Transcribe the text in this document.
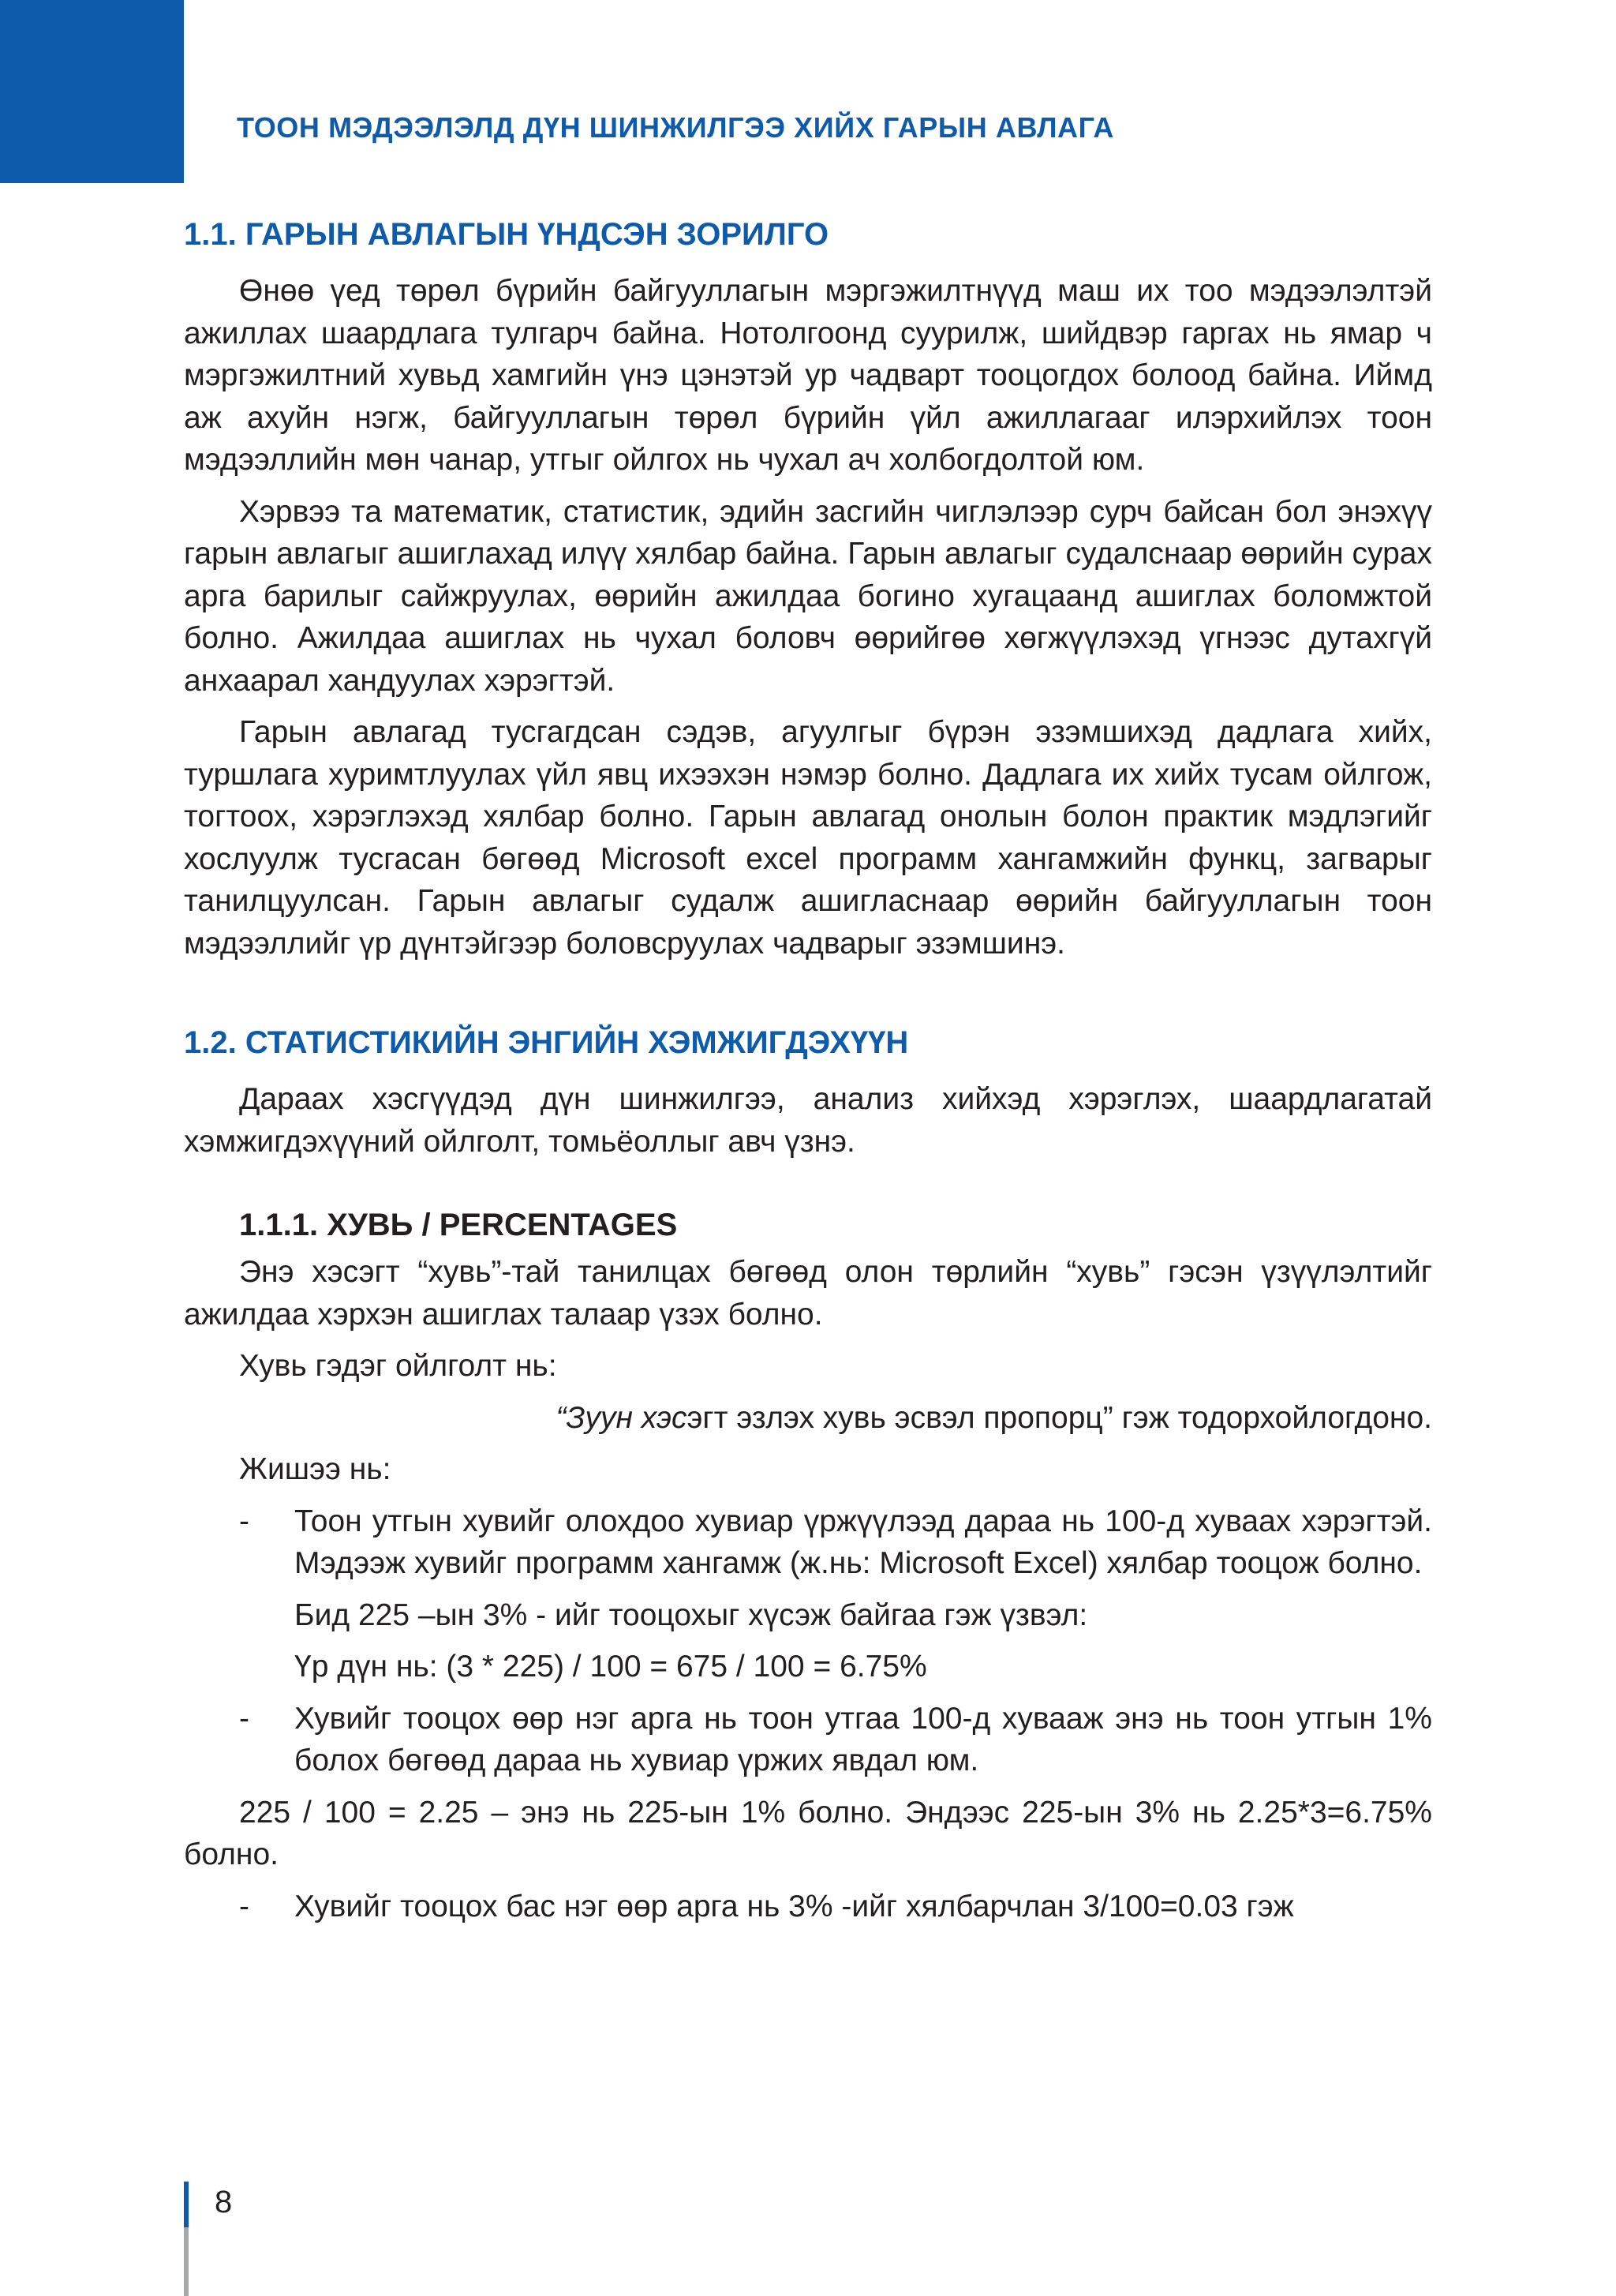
ТООН МЭДЭЭЛЭЛД ДҮН ШИНЖИЛГЭЭ ХИЙХ ГАРЫН АВЛАГА
1.1. ГАРЫН АВЛАГЫН ҮНДСЭН ЗОРИЛГО

Өнөө үед төрөл бүрийн байгууллагын мэргэжилтнүүд маш их тоо мэдээлэлтэй ажиллах шаардлага тулгарч байна. Нотолгоонд суурилж, шийдвэр гаргах нь ямар ч мэргэжилтний хувьд хамгийн үнэ цэнэтэй ур чадварт тооцогдох болоод байна. Иймд аж ахуйн нэгж, байгууллагын төрөл бүрийн үйл ажиллагааг илэрхийлэх тоон мэдээллийн мөн чанар, утгыг ойлгох нь чухал ач холбогдолтой юм.

Хэрвээ та математик, статистик, эдийн засгийн чиглэлээр сурч байсан бол энэхүү гарын авлагыг ашиглахад илүү хялбар байна. Гарын авлагыг судалснаар өөрийн сурах арга барилыг сайжруулах, өөрийн ажилдаа богино хугацаанд ашиглах боломжтой болно. Ажилдаа ашиглах нь чухал боловч өөрийгөө хөгжүүлэхэд үгнээс дутахгүй анхаарал хандуулах хэрэгтэй.

Гарын авлагад тусгагдсан сэдэв, агуулгыг бүрэн эзэмшихэд дадлага хийх, туршлага хуримтлуулах үйл явц ихээхэн нэмэр болно. Дадлага их хийх тусам ойлгож, тогтоох, хэрэглэхэд хялбар болно. Гарын авлагад онолын болон практик мэдлэгийг хослуулж тусгасан бөгөөд Microsoft excel программ хангамжийн функц, загварыг танилцуулсан. Гарын авлагыг судалж ашигласнаар өөрийн байгууллагын тоон мэдээллийг үр дүнтэйгээр боловсруулах чадварыг эзэмшинэ.

1.2. СТАТИСТИКИЙН ЭНГИЙН ХЭМЖИГДЭХҮҮН

Дараах хэсгүүдэд дүн шинжилгээ, анализ хийхэд хэрэглэх, шаардлагатай хэмжигдэхүүний ойлголт, томьёоллыг авч үзнэ.

1.1.1. ХУВЬ / PERCENTAGES

Энэ хэсэгт “хувь”-тай танилцах бөгөөд олон төрлийн “хувь” гэсэн үзүүлэлтийг ажилдаа хэрхэн ашиглах талаар үзэх болно.

Хувь гэдэг ойлголт нь:

“Зуун хэсэгт эзлэх хувь эсвэл пропорц” гэж тодорхойлогдоно.

Жишээ нь:

- Тоон утгын хувийг олохдоо хувиар үржүүлээд дараа нь 100-д хуваах хэрэгтэй. Мэдээж хувийг программ хангамж (ж.нь: Microsoft Excel) хялбар тооцож болно.

Бид 225 –ын 3% - ийг тооцохыг хүсэж байгаа гэж үзвэл:

Үр дүн нь: (3 * 225) / 100 = 675 / 100 = 6.75%

- Хувийг тооцох өөр нэг арга нь тоон утгаа 100-д хувааж энэ нь тоон утгын 1% болох бөгөөд дараа нь хувиар үржих явдал юм.

225 / 100 = 2.25 – энэ нь 225-ын 1% болно. Эндээс 225-ын 3% нь 2.25*3=6.75% болно.

- Хувийг тооцох бас нэг өөр арга нь 3% -ийг хялбарчлан 3/100=0.03 гэж
8
